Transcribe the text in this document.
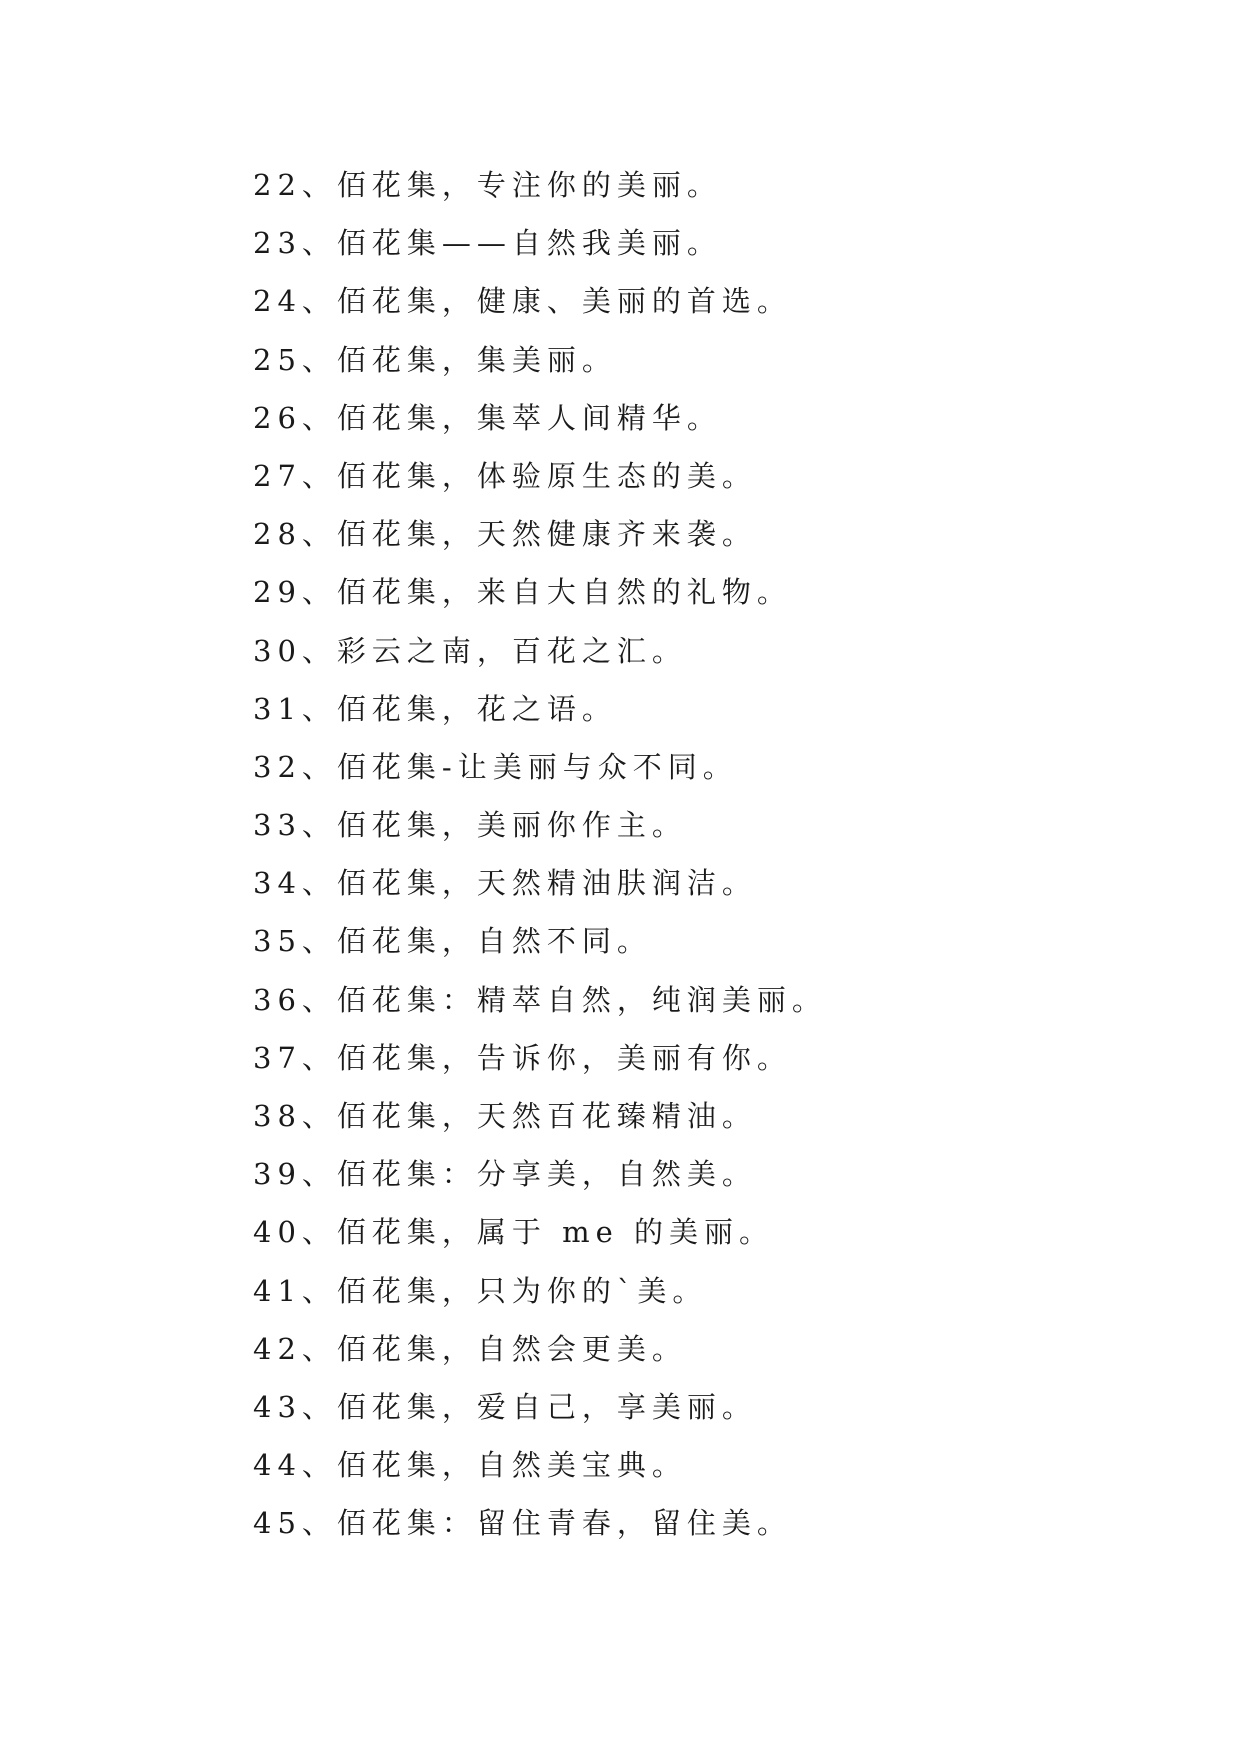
22、佰花集，专注你的美丽。
23、佰花集——自然我美丽。
24、佰花集，健康、美丽的首选。
25、佰花集，集美丽。
26、佰花集，集萃人间精华。
27、佰花集，体验原生态的美。
28、佰花集，天然健康齐来袭。
29、佰花集，来自大自然的礼物。
30、彩云之南，百花之汇。
31、佰花集，花之语。
32、佰花集-让美丽与众不同。
33、佰花集，美丽你作主。
34、佰花集，天然精油肤润洁。
35、佰花集，自然不同。
36、佰花集：精萃自然，纯润美丽。
37、佰花集，告诉你，美丽有你。
38、佰花集，天然百花臻精油。
39、佰花集：分享美，自然美。
40、佰花集，属于 me 的美丽。
41、佰花集，只为你的`美。
42、佰花集，自然会更美。
43、佰花集，爱自己，享美丽。
44、佰花集，自然美宝典。
45、佰花集：留住青春，留住美。
